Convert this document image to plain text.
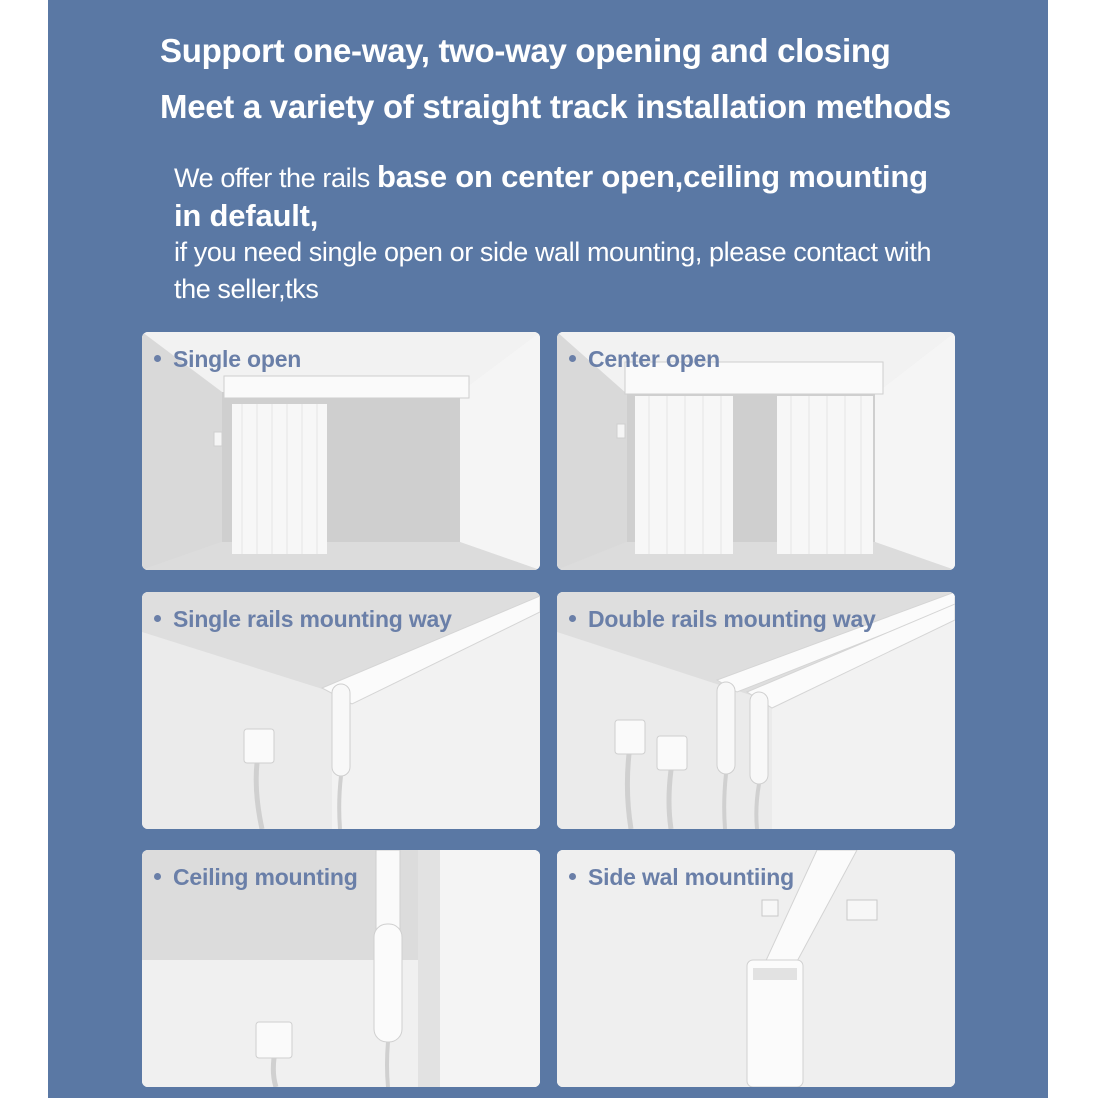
Support one-way, two-way opening and closing
Meet a variety of straight track installation methods
We offer the rails base on center open,ceiling mounting
in default,
if you need single open or side wall mounting, please contact with
the seller,tks
Single open	Center open
Single rails mounting way	Double rails mounting way
Ceiling mounting	Side wal mountiing
